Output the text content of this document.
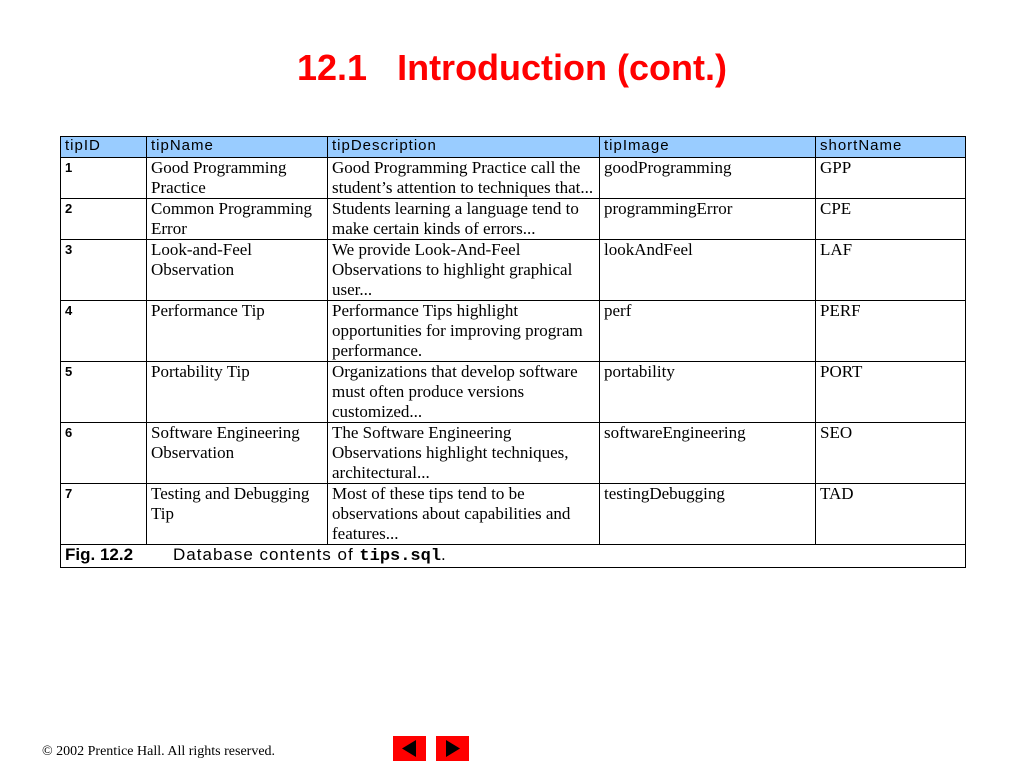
12.1   Introduction (cont.)
tipID	tipName	tipDescription	tipImage	shortName
1	Good Programming Practice	Good Programming Practice call the student’s attention to techniques that...	goodProgramming	GPP
2	Common Programming Error	Students learning a language tend to make certain kinds of errors...	programmingError	CPE
3	Look-and-Feel Observation	We provide Look-And-Feel Observations to highlight graphical user...	lookAndFeel	LAF
4	Performance Tip	Performance Tips highlight opportunities for improving program performance.	perf	PERF
5	Portability Tip	Organizations that develop software must often produce versions customized...	portability	PORT
6	Software Engineering Observation	The Software Engineering Observations highlight techniques, architectural...	softwareEngineering	SEO
7	Testing and Debugging Tip	Most of these tips tend to be observations about capabilities and features...	testingDebugging	TAD
Fig. 12.2 Database contents of tips.sql.				
© 2002 Prentice Hall. All rights reserved.
